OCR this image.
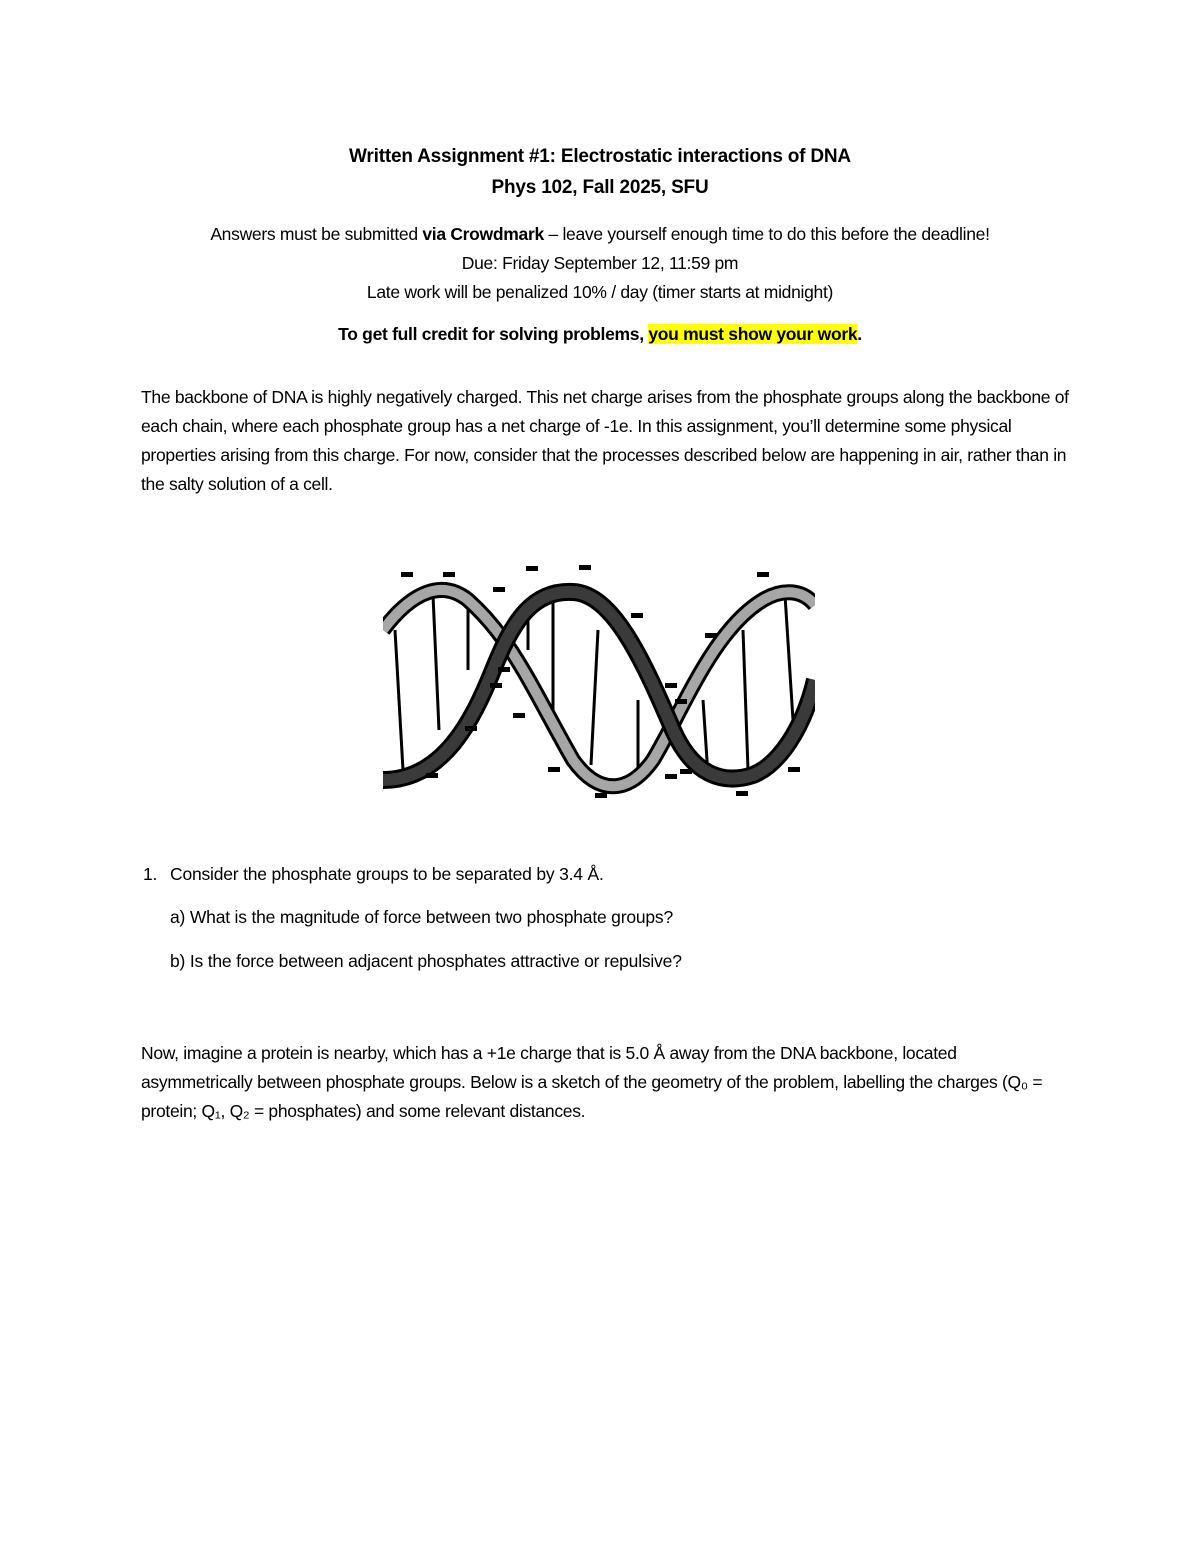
Written Assignment #1: Electrostatic interactions of DNA
Phys 102, Fall 2025, SFU
Answers must be submitted via Crowdmark – leave yourself enough time to do this before the deadline!
Due: Friday September 12, 11:59 pm
Late work will be penalized 10% / day (timer starts at midnight)
To get full credit for solving problems, you must show your work.
The backbone of DNA is highly negatively charged. This net charge arises from the phosphate groups along the backbone of each chain, where each phosphate group has a net charge of -1e. In this assignment, you’ll determine some physical properties arising from this charge. For now, consider that the processes described below are happening in air, rather than in the salty solution of a cell.
1. Consider the phosphate groups to be separated by 3.4 Å.
a) What is the magnitude of force between two phosphate groups?
b) Is the force between adjacent phosphates attractive or repulsive?
Now, imagine a protein is nearby, which has a +1e charge that is 5.0 Å away from the DNA backbone, located asymmetrically between phosphate groups. Below is a sketch of the geometry of the problem, labelling the charges (Q₀ = protein; Q₁, Q₂ = phosphates) and some relevant distances.
